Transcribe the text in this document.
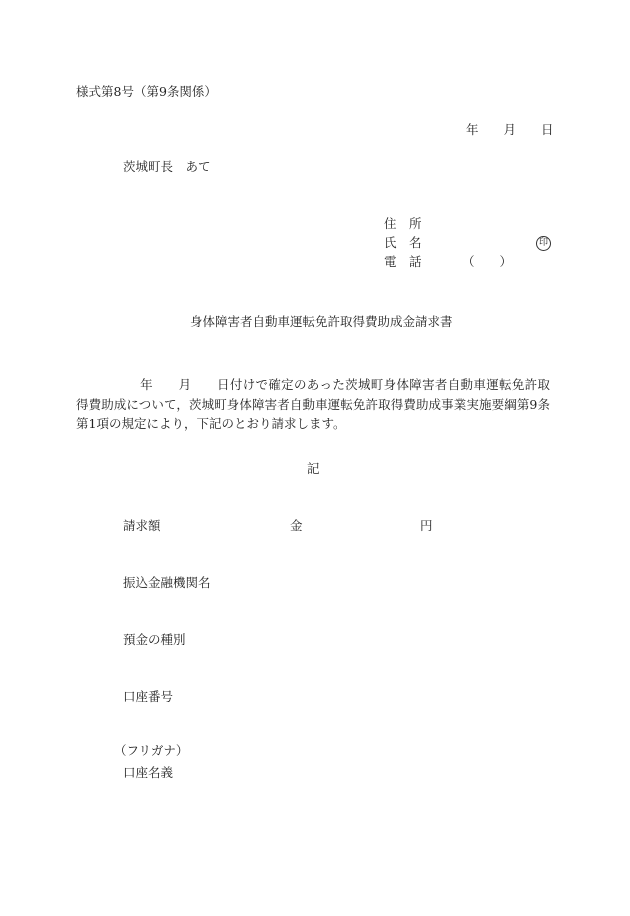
様式第8号（第9条関係）
年　　月　　日
茨城町長　あて
住　所
氏　名	印
電　話	（　　）
身体障害者自動車運転免許取得費助成金請求書
　　　　　年　　月　　日付けで確定のあった茨城町身体障害者自動車運転免許取得費助成について，茨城町身体障害者自動車運転免許取得費助成事業実施要綱第9条第1項の規定により，下記のとおり請求します。
記
請求額	金	円
振込金融機関名
預金の種別
口座番号
（フリガナ）
口座名義
